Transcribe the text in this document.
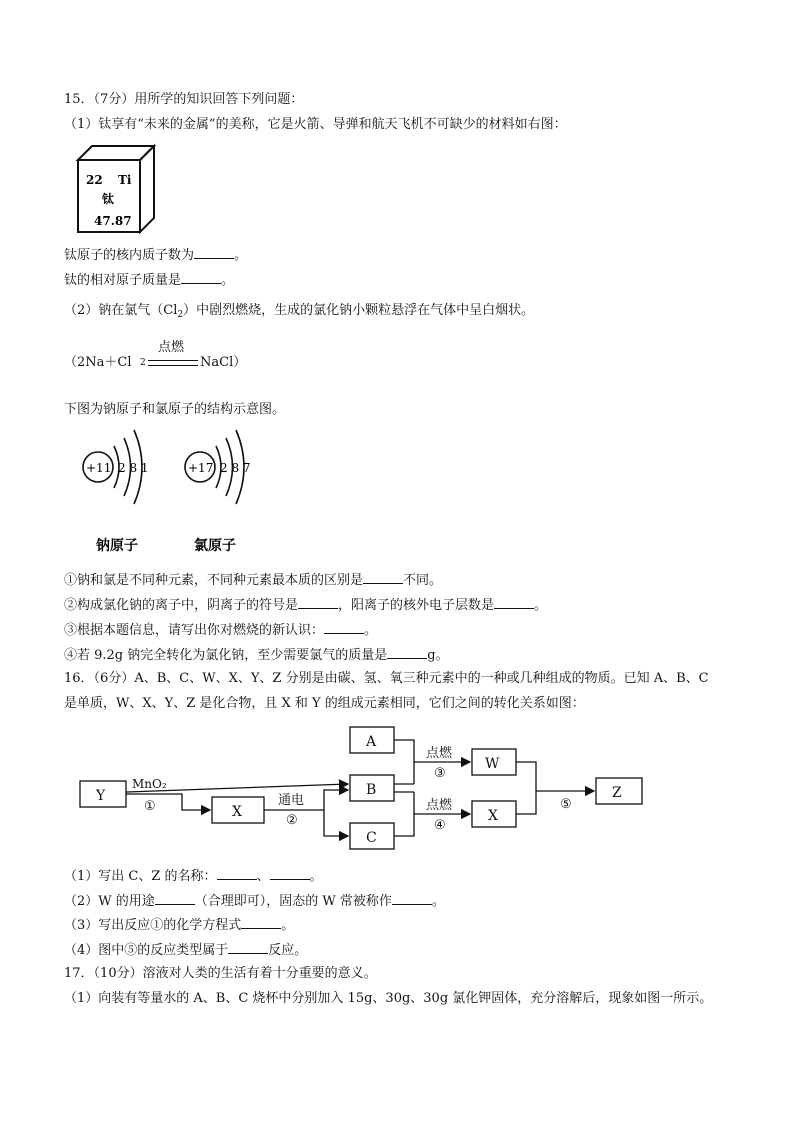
15．（7分）用所学的知识回答下列问题：
（1）钛享有“未来的金属”的美称，它是火箭、导弹和航天飞机不可缺少的材料如右图：
22 Ti
钛
47.87
钛原子的核内质子数为	。
钛的相对原子质量是	。
（2）钠在氯气$(Cl_2)$中剧烈燃烧，生成的氯化钠小颗粒悬浮在气体中呈白烟状。
（2Na＋Cl 2
点燃
NaCl）
下图为钠原子和氯原子的结构示意图。
+11 2 8 1
钠原子
+17 2 8 7
氯原子
①钠和氯是不同种元素，不同种元素最本质的区别是	不同。
②构成氯化钠的离子中，阴离子的符号是	，阳离子的核外电子层数是	。
③根据本题信息，请写出你对燃烧的新认识：	。
④若 9.2g 钠完全转化为氯化钠，至少需要氯气的质量是	g。
16．（6分）A、B、C、W、X、Y、Z 分别是由碳、氢、氧三种元素中的一种或几种组成的物质。已知 A、B、C
是单质，W、X、Y、Z 是化合物，且 X 和 Y 的组成元素相同，它们之间的转化关系如图：
Y
X
A
B
C
W
X
Z
MnO₂
①	通电
②
点燃
③
点燃
④
⑤
（1）写出 C、Z 的名称：	、	。
（2）W 的用途	（合理即可），固态的 W 常被称作	。
（3）写出反应①的化学方程式	。
（4）图中⑤的反应类型属于	反应。
17．（10分）溶液对人类的生活有着十分重要的意义。
（1）向装有等量水的 A、B、C 烧杯中分别加入 15g、30g、30g 氯化钾固体，充分溶解后，现象如图一所示。
